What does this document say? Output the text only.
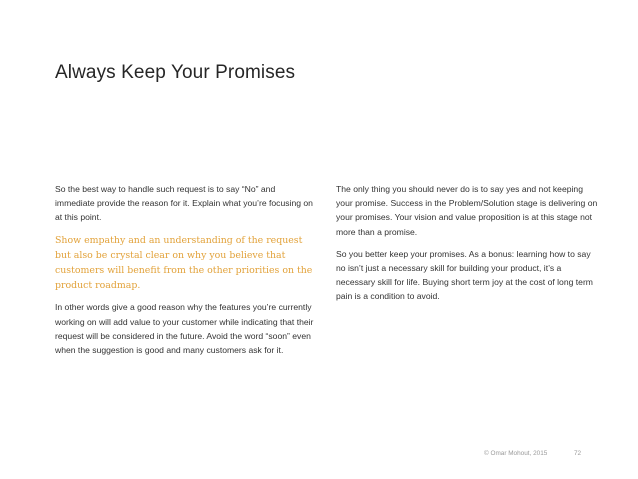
Always Keep Your Promises

So the best way to handle such request is to say “No” and immediate provide the reason for it. Explain what you’re focusing on at this point.

Show empathy and an understanding of the request but also be crystal clear on why you believe that customers will benefit from the other priorities on the product roadmap.

In other words give a good reason why the features you’re currently working on will add value to your customer while indicating that their request will be considered in the future. Avoid the word “soon” even when the suggestion is good and many customers ask for it.

The only thing you should never do is to say yes and not keeping your promise. Success in the Problem/Solution stage is delivering on your promises. Your vision and value proposition is at this stage not more than a promise.

So you better keep your promises. As a bonus: learning how to say no isn’t just a necessary skill for building your product, it’s a necessary skill for life. Buying short term joy at the cost of long term pain is a condition to avoid.

© Omar Mohout, 2015	72
